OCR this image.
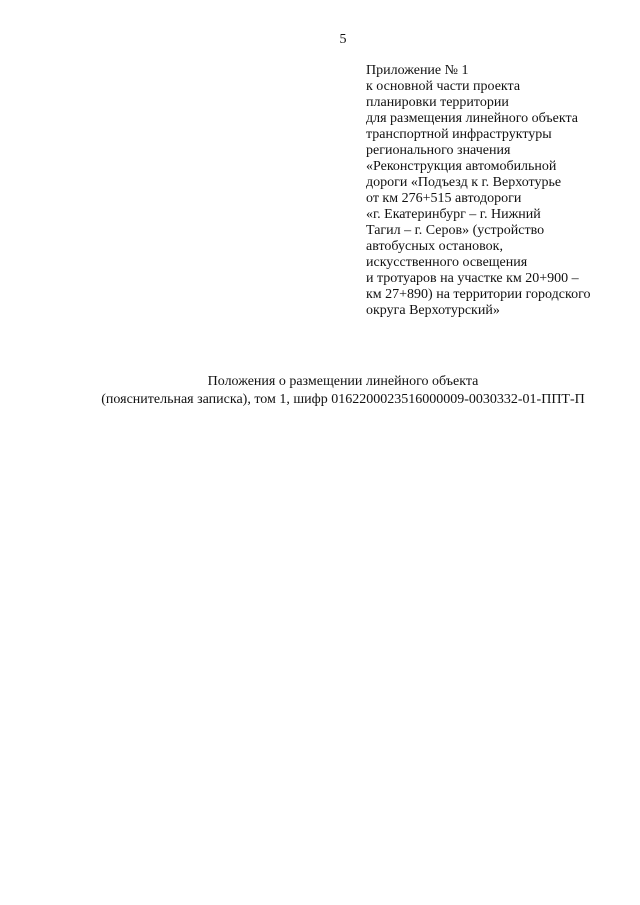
5
Приложение № 1
к основной части проекта
планировки территории
для размещения линейного объекта
транспортной инфраструктуры
регионального значения
«Реконструкция автомобильной
дороги «Подъезд к г. Верхотурье
от км 276+515 автодороги
«г. Екатеринбург – г. Нижний
Тагил – г. Серов» (устройство
автобусных остановок,
искусственного освещения
и тротуаров на участке км 20+900 –
км 27+890) на территории городского
округа Верхотурский»
Положения о размещении линейного объекта
(пояснительная записка), том 1, шифр 0162200023516000009-0030332-01-ППТ-П
